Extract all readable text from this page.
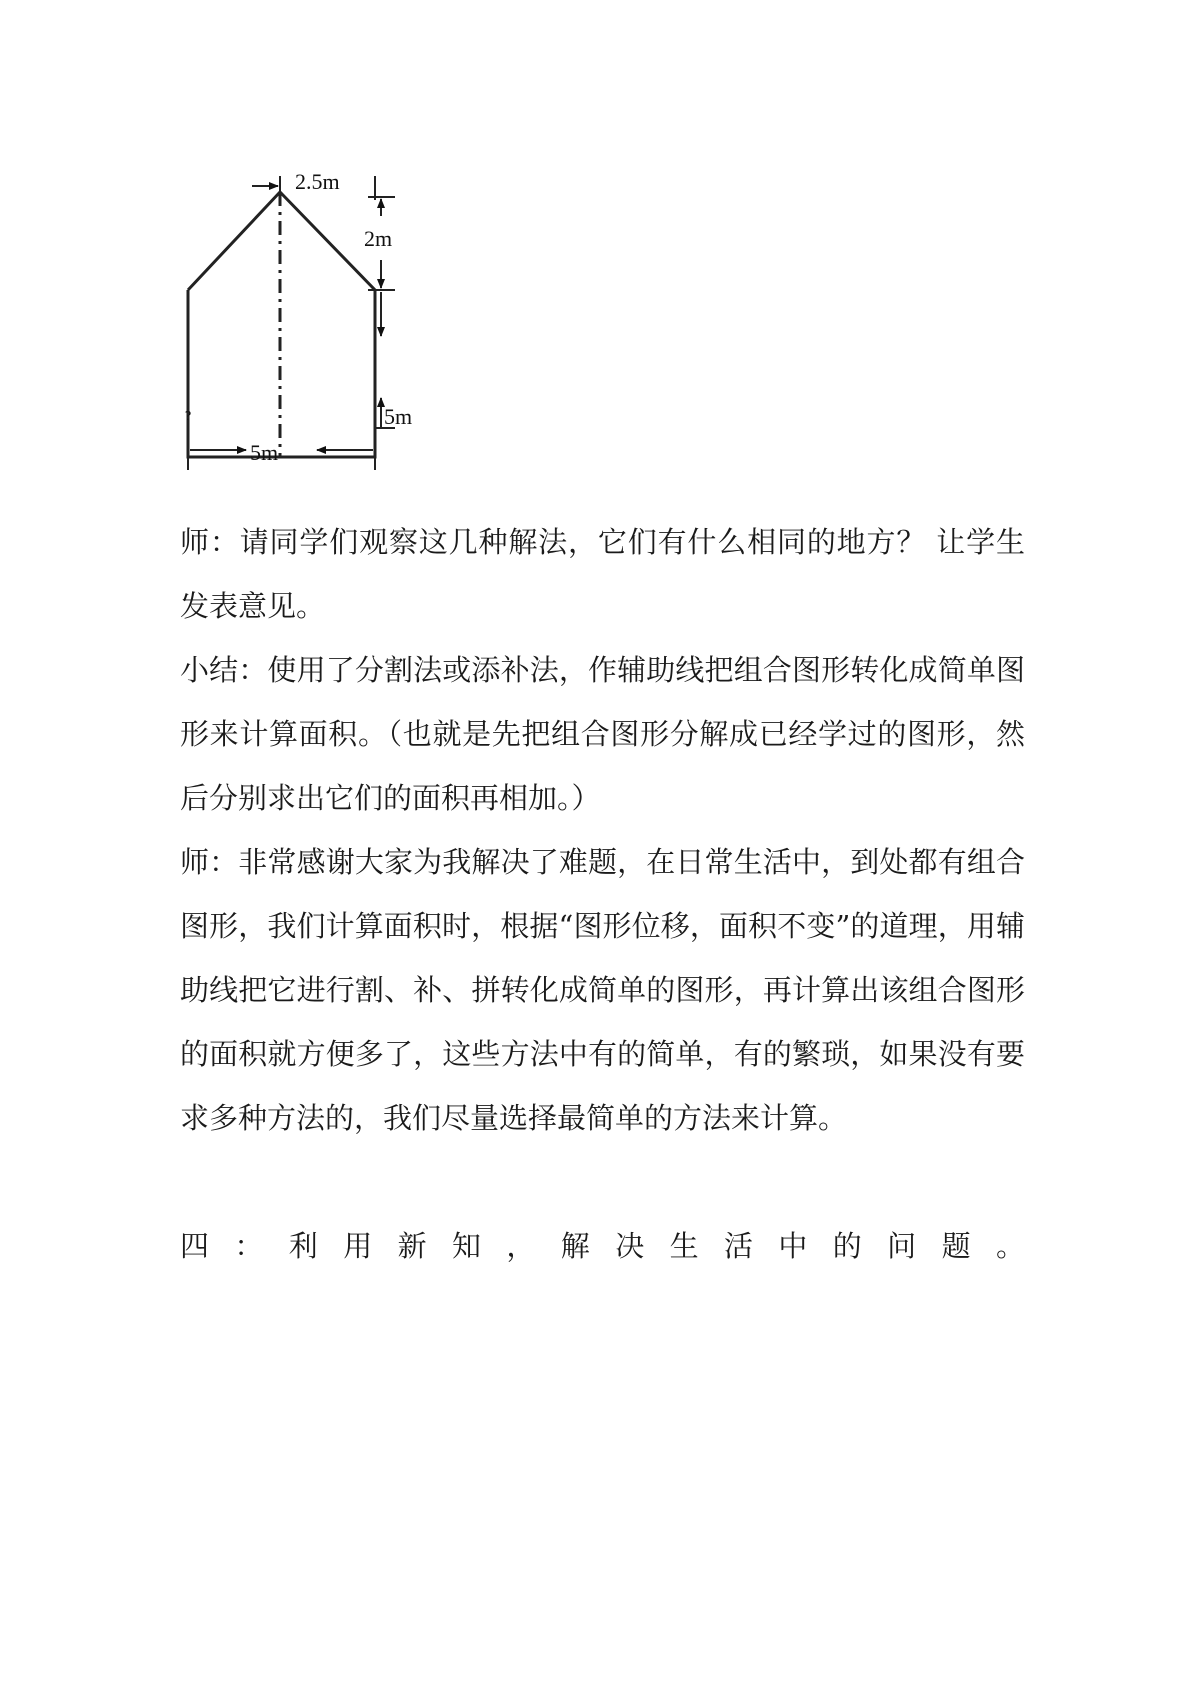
2.5m
2m
5m
?
5m

师：请同学们观察这几种解法，它们有什么相同的地方？ 让学生发表意见。

小结：使用了分割法或添补法，作辅助线把组合图形转化成简单图形来计算面积。（也就是先把组合图形分解成已经学过的图形，然后分别求出它们的面积再相加。）

师：非常感谢大家为我解决了难题，在日常生活中，到处都有组合图形，我们计算面积时，根据“图形位移，面积不变”的道理，用辅助线把它进行割、补、拼转化成简单的图形，再计算出该组合图形的面积就方便多了，这些方法中有的简单，有的繁琐，如果没有要求多种方法的，我们尽量选择最简单的方法来计算。

四：利用新知，解决生活中的问题。
